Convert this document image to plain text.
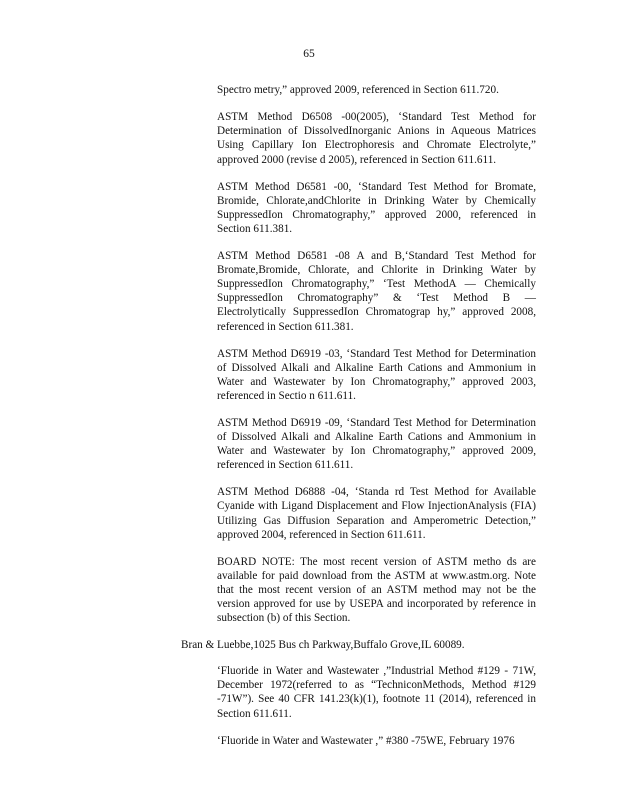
65

Spectro metry,” approved 2009, referenced in Section 611.720.

ASTM Method D6508 -00(2005), ‘Standard Test Method for Determination of DissolvedInorganic Anions in Aqueous Matrices Using Capillary Ion Electrophoresis and Chromate Electrolyte,” approved 2000 (revise d 2005), referenced in Section 611.611.

ASTM Method D6581 -00, ‘Standard Test Method for Bromate, Bromide, Chlorate,andChlorite in Drinking Water by Chemically SuppressedIon Chromatography,” approved 2000, referenced in Section 611.381.

ASTM Method D6581 -08 A and B,‘Standard Test Method for Bromate,Bromide, Chlorate, and Chlorite in Drinking Water by SuppressedIon Chromatography,” ‘Test MethodA — Chemically SuppressedIon Chromatography” & ‘Test Method B — Electrolytically SuppressedIon Chromatograp hy,” approved 2008, referenced in Section 611.381.

ASTM Method D6919 -03, ‘Standard Test Method for Determination of Dissolved Alkali and Alkaline Earth Cations and Ammonium in Water and Wastewater by Ion Chromatography,” approved 2003, referenced in Sectio n 611.611.

ASTM Method D6919 -09, ‘Standard Test Method for Determination of Dissolved Alkali and Alkaline Earth Cations and Ammonium in Water and Wastewater by Ion Chromatography,” approved 2009, referenced in Section 611.611.

ASTM Method D6888 -04, ‘Standa rd Test Method for Available Cyanide with Ligand Displacement and Flow InjectionAnalysis (FIA) Utilizing Gas Diffusion Separation and Amperometric Detection,” approved 2004, referenced in Section 611.611.

BOARD NOTE: The most recent version of ASTM metho ds are available for paid download from the ASTM at www.astm.org. Note that the most recent version of an ASTM method may not be the version approved for use by USEPA and incorporated by reference in subsection (b) of this Section.

Bran & Luebbe,1025 Bus ch Parkway,Buffalo Grove,IL 60089.

‘Fluoride in Water and Wastewater ,”Industrial Method #129 - 71W, December 1972(referred to as “TechniconMethods, Method #129 -71W”). See 40 CFR 141.23(k)(1), footnote 11 (2014), referenced in Section 611.611.

‘Fluoride in Water and Wastewater ,” #380 -75WE, February 1976
